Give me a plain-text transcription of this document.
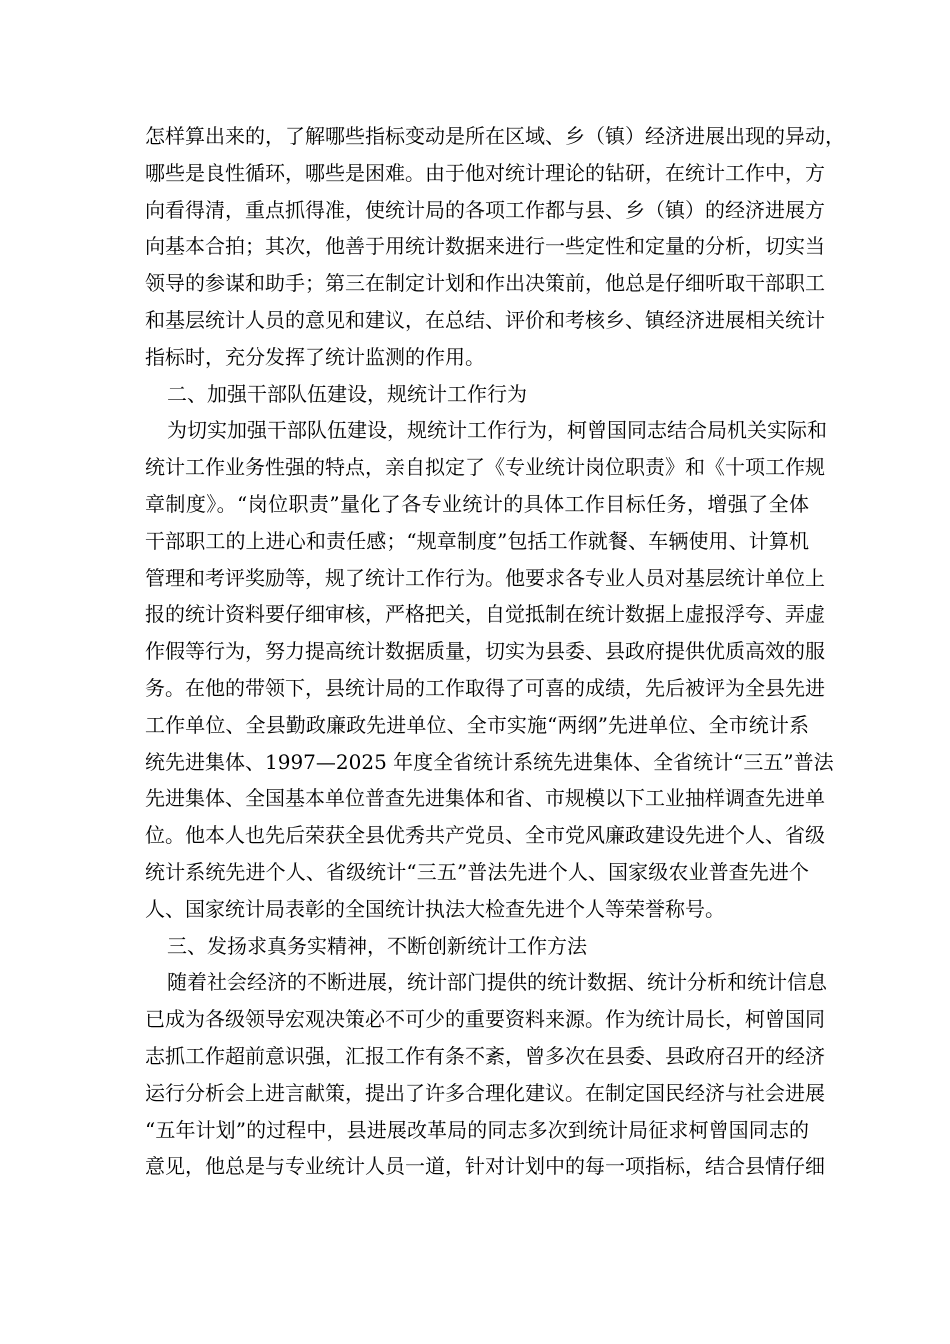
怎样算出来的，了解哪些指标变动是所在区域、乡（镇）经济进展出现的异动，
哪些是良性循环，哪些是困难。由于他对统计理论的钻研，在统计工作中，方
向看得清，重点抓得准，使统计局的各项工作都与县、乡（镇）的经济进展方
向基本合拍；其次，他善于用统计数据来进行一些定性和定量的分析，切实当
领导的参谋和助手；第三在制定计划和作出决策前，他总是仔细听取干部职工
和基层统计人员的意见和建议，在总结、评价和考核乡、镇经济进展相关统计
指标时，充分发挥了统计监测的作用。
二、加强干部队伍建设，规统计工作行为
为切实加强干部队伍建设，规统计工作行为，柯曾国同志结合局机关实际和
统计工作业务性强的特点，亲自拟定了《专业统计岗位职责》和《十项工作规
章制度》。“岗位职责”量化了各专业统计的具体工作目标任务，增强了全体
干部职工的上进心和责任感；“规章制度”包括工作就餐、车辆使用、计算机
管理和考评奖励等，规了统计工作行为。他要求各专业人员对基层统计单位上
报的统计资料要仔细审核，严格把关，自觉抵制在统计数据上虚报浮夸、弄虚
作假等行为，努力提高统计数据质量，切实为县委、县政府提供优质高效的服
务。在他的带领下，县统计局的工作取得了可喜的成绩，先后被评为全县先进
工作单位、全县勤政廉政先进单位、全市实施“两纲”先进单位、全市统计系
统先进集体、1997—2025 年度全省统计系统先进集体、全省统计“三五”普法
先进集体、全国基本单位普查先进集体和省、市规模以下工业抽样调查先进单
位。他本人也先后荣获全县优秀共产党员、全市党风廉政建设先进个人、省级
统计系统先进个人、省级统计“三五”普法先进个人、国家级农业普查先进个
人、国家统计局表彰的全国统计执法大检查先进个人等荣誉称号。
三、发扬求真务实精神，不断创新统计工作方法
随着社会经济的不断进展，统计部门提供的统计数据、统计分析和统计信息
已成为各级领导宏观决策必不可少的重要资料来源。作为统计局长，柯曾国同
志抓工作超前意识强，汇报工作有条不紊，曾多次在县委、县政府召开的经济
运行分析会上进言献策，提出了许多合理化建议。在制定国民经济与社会进展
“五年计划”的过程中，县进展改革局的同志多次到统计局征求柯曾国同志的
意见，他总是与专业统计人员一道，针对计划中的每一项指标，结合县情仔细
